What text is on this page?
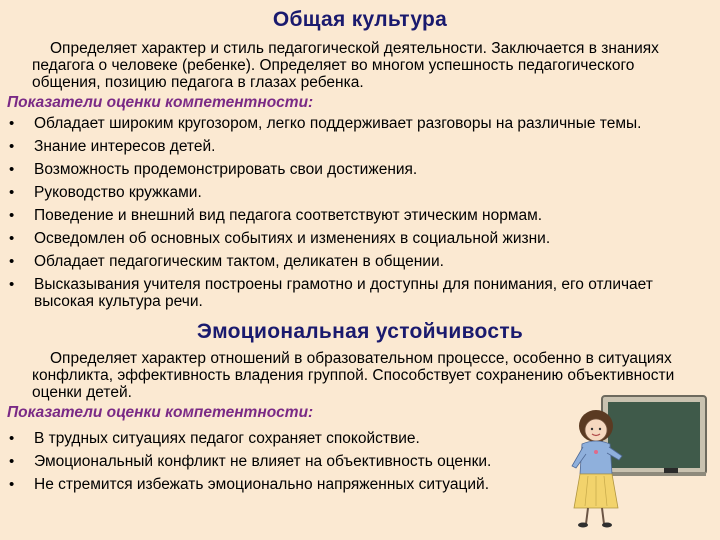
Общая культура
Определяет характер и стиль педагогической деятельности. Заключается в знаниях педагога о человеке (ребенке). Определяет во многом успешность педагогического общения, позицию педагога в глазах ребенка.
Показатели оценки компетентности:
• Обладает широким кругозором, легко поддерживает разговоры на различные темы.
• Знание интересов детей.
• Возможность продемонстрировать свои достижения.
• Руководство кружками.
• Поведение и внешний вид педагога соответствуют этическим нормам.
• Осведомлен об основных событиях и изменениях в социальной жизни.
• Обладает педагогическим тактом, деликатен в общении.
• Высказывания учителя построены грамотно и доступны для понимания, его отличает высокая культура речи.
Эмоциональная устойчивость
Определяет характер отношений в образовательном процессе, особенно в ситуациях конфликта, эффективность владения группой. Способствует сохранению объективности оценки детей.
Показатели оценки компетентности:
• В трудных ситуациях педагог сохраняет спокойствие.
• Эмоциональный конфликт не влияет на объективность оценки.
• Не стремится избежать эмоционально напряженных ситуаций.
